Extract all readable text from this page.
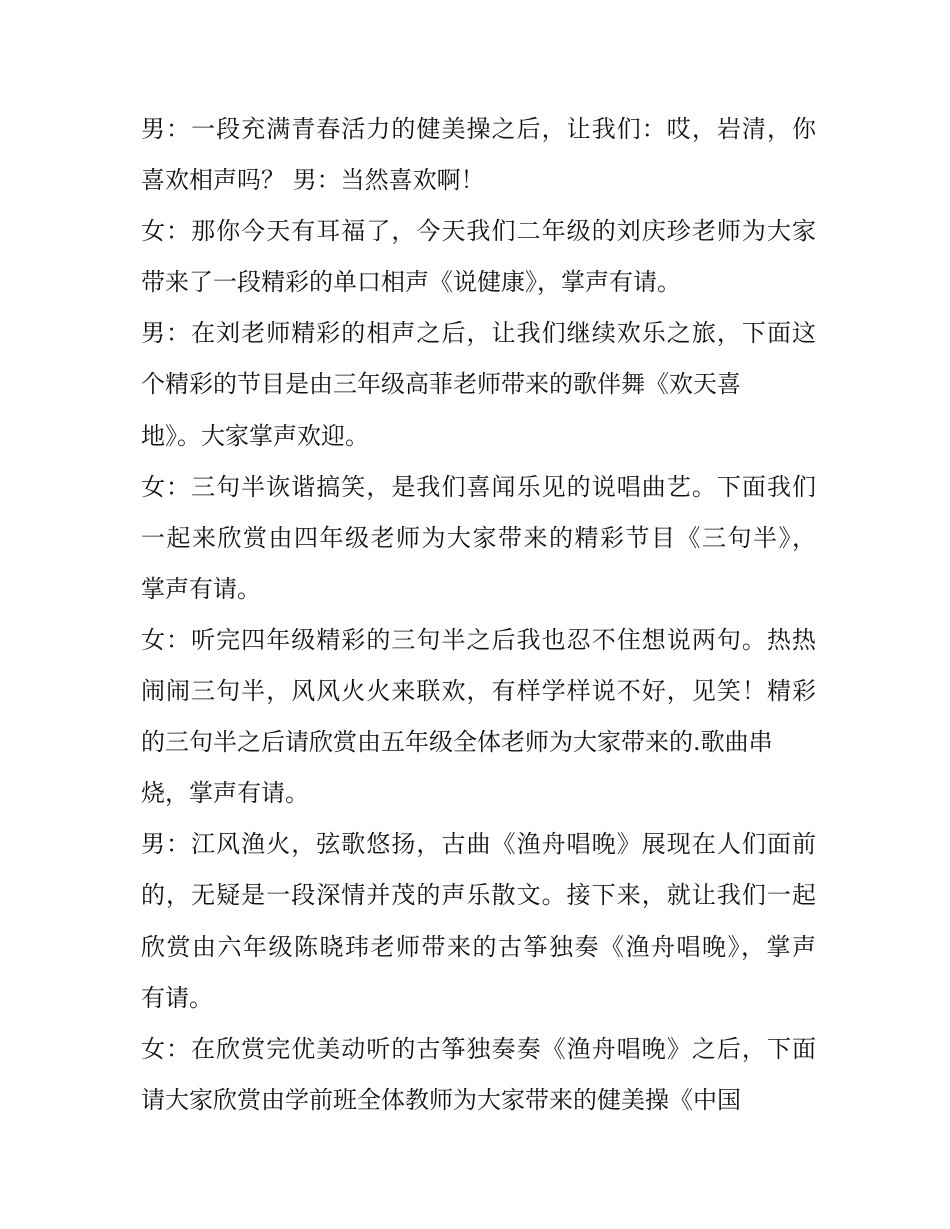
男：一段充满青春活力的健美操之后，让我们：哎，岩清，你
喜欢相声吗？ 男：当然喜欢啊！
女：那你今天有耳福了，今天我们二年级的刘庆珍老师为大家
带来了一段精彩的单口相声《说健康》，掌声有请。
男：在刘老师精彩的相声之后，让我们继续欢乐之旅，下面这
个精彩的节目是由三年级高菲老师带来的歌伴舞《欢天喜
地》。大家掌声欢迎。
女：三句半诙谐搞笑，是我们喜闻乐见的说唱曲艺。下面我们
一起来欣赏由四年级老师为大家带来的精彩节目《三句半》，
掌声有请。
女：听完四年级精彩的三句半之后我也忍不住想说两句。热热
闹闹三句半，风风火火来联欢，有样学样说不好，见笑！精彩
的三句半之后请欣赏由五年级全体老师为大家带来的.歌曲串
烧，掌声有请。
男：江风渔火，弦歌悠扬，古曲《渔舟唱晚》展现在人们面前
的，无疑是一段深情并茂的声乐散文。接下来，就让我们一起
欣赏由六年级陈晓玮老师带来的古筝独奏《渔舟唱晚》，掌声
有请。
女：在欣赏完优美动听的古筝独奏奏《渔舟唱晚》之后，下面
请大家欣赏由学前班全体教师为大家带来的健美操《中国
